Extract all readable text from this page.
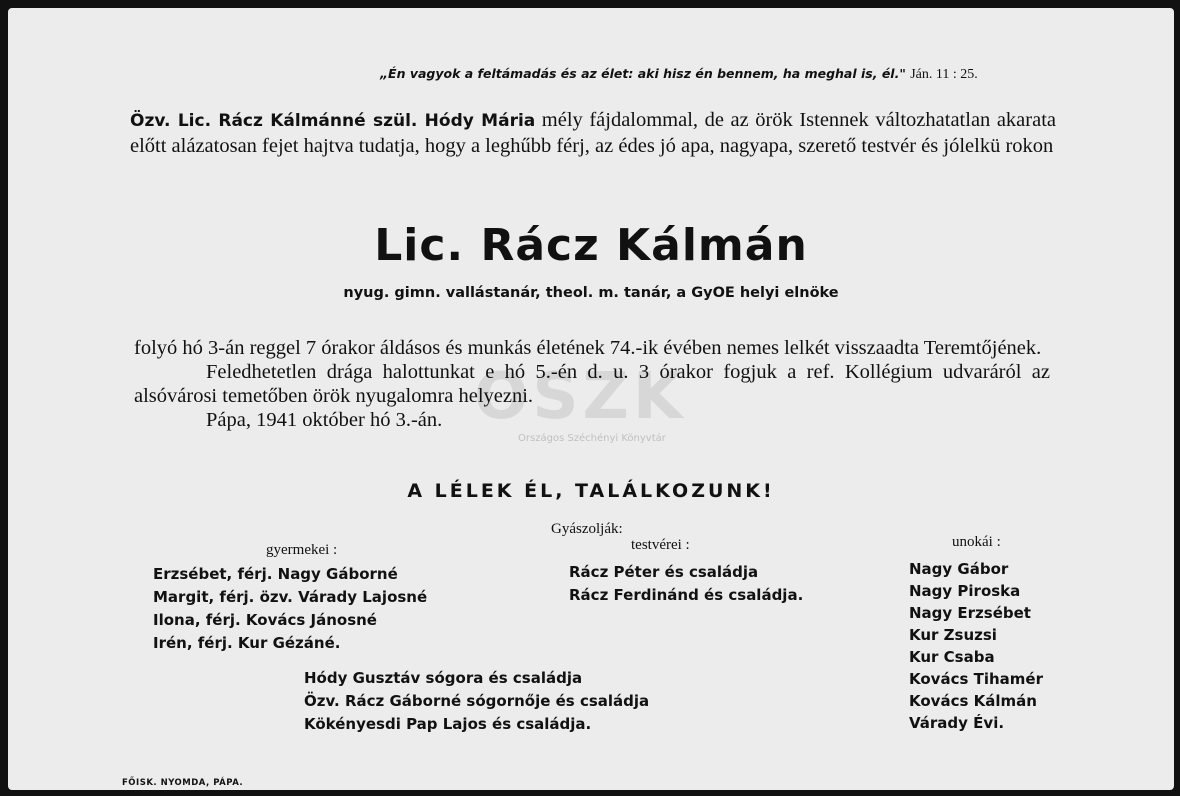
OSZK
Országos Széchényi Könyvtár
„Én vagyok a feltámadás és az élet: aki hisz én bennem, ha meghal is, él." Ján. 11 : 25.
Özv. Lic. Rácz Kálmánné szül. Hódy Mária mély fájdalommal, de az örök Istennek változhatatlan akarata előtt alázatosan fejet hajtva tudatja, hogy a leghűbb férj, az édes jó apa, nagyapa, szerető testvér és jólelkü rokon
Lic. Rácz Kálmán
nyug. gimn. vallástanár, theol. m. tanár, a GyOE helyi elnöke

folyó hó 3-án reggel 7 órakor áldásos és munkás életének 74.-ik évében nemes lelkét visszaadta Teremtőjének.

Feledhetetlen drága halottunkat e hó 5.-én d. u. 3 órakor fogjuk a ref. Kollégium udvaráról az alsóvárosi temetőben örök nyugalomra helyezni.

Pápa, 1941 október hó 3.-án.

A LÉLEK ÉL, TALÁLKOZUNK!
Gyászolják:
gyermekei :	testvérei :	unokái :
Erzsébet, férj. Nagy Gáborné
Margit, férj. özv. Várady Lajosné
Ilona, férj. Kovács Jánosné
Irén, férj. Kur Gézáné.
Rácz Péter és családja
Rácz Ferdinánd és családja.
Nagy Gábor
Nagy Piroska
Nagy Erzsébet
Kur Zsuzsi
Kur Csaba
Kovács Tihamér
Kovács Kálmán
Várady Évi.
Hódy Gusztáv sógora és családja
Özv. Rácz Gáborné sógornője és családja
Kökényesdi Pap Lajos és családja.
FŐISK. NYOMDA, PÁPA.
